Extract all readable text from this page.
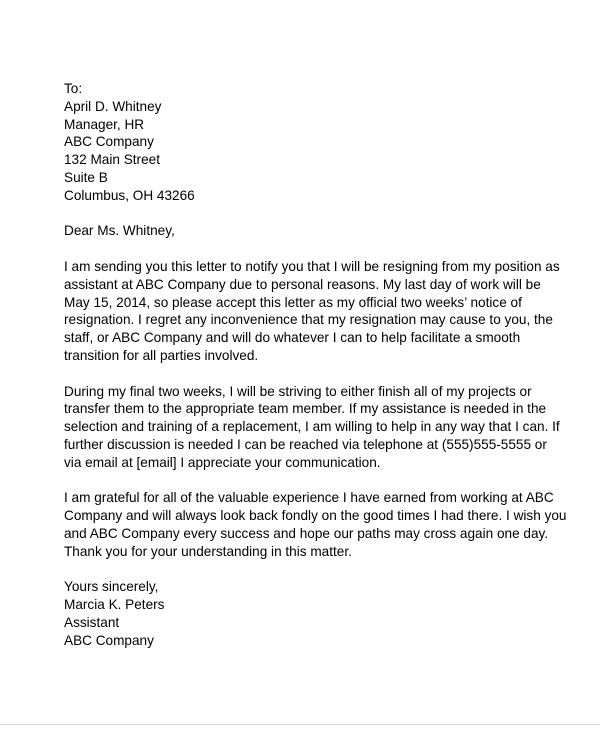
To:
April D. Whitney
Manager, HR
ABC Company
132 Main Street
Suite B
Columbus, OH 43266
Dear Ms. Whitney,
I am sending you this letter to notify you that I will be resigning from my position as
assistant at ABC Company due to personal reasons. My last day of work will be
May 15, 2014, so please accept this letter as my official two weeks’ notice of
resignation. I regret any inconvenience that my resignation may cause to you, the
staff, or ABC Company and will do whatever I can to help facilitate a smooth
transition for all parties involved.
During my final two weeks, I will be striving to either finish all of my projects or
transfer them to the appropriate team member. If my assistance is needed in the
selection and training of a replacement, I am willing to help in any way that I can. If
further discussion is needed I can be reached via telephone at (555)555-5555 or
via email at [email] I appreciate your communication.
I am grateful for all of the valuable experience I have earned from working at ABC
Company and will always look back fondly on the good times I had there. I wish you
and ABC Company every success and hope our paths may cross again one day.
Thank you for your understanding in this matter.
Yours sincerely,
Marcia K. Peters
Assistant
ABC Company
